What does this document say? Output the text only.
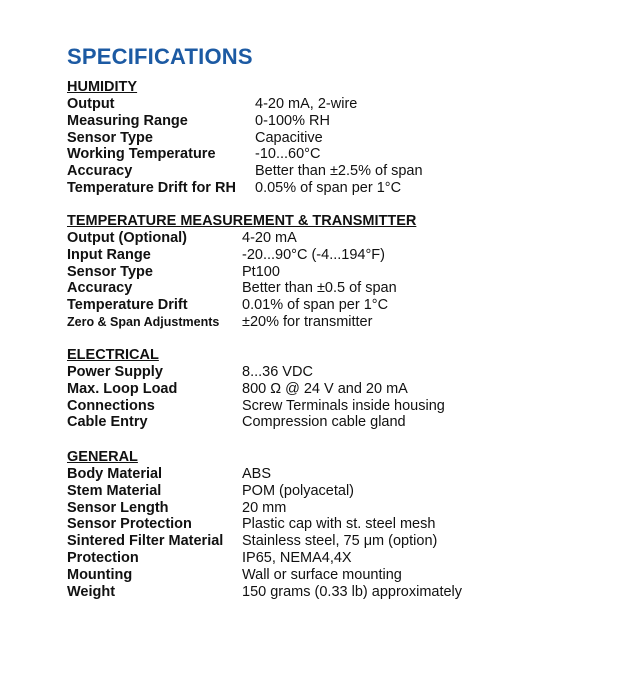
SPECIFICATIONS
HUMIDITY
Output	4-20 mA, 2-wire
Measuring Range	0-100% RH
Sensor Type	Capacitive
Working Temperature	-10...60°C
Accuracy	Better than ±2.5% of span
Temperature Drift for RH	0.05% of span per 1°C
TEMPERATURE MEASUREMENT & TRANSMITTER
Output (Optional)	4-20 mA
Input Range	-20...90°C (-4...194°F)
Sensor Type	Pt100
Accuracy	Better than ±0.5 of span
Temperature Drift	0.01% of span per 1°C
Zero & Span Adjustments	±20% for transmitter
ELECTRICAL
Power Supply	8...36 VDC
Max. Loop Load	800 Ω @ 24 V and 20 mA
Connections	Screw Terminals inside housing
Cable Entry	Compression cable gland
GENERAL
Body Material	ABS
Stem Material	POM (polyacetal)
Sensor Length	20 mm
Sensor Protection	Plastic cap with st. steel mesh
Sintered Filter Material	Stainless steel, 75 μm (option)
Protection	IP65, NEMA4,4X
Mounting	Wall or surface mounting
Weight	150 grams (0.33 lb) approximately
